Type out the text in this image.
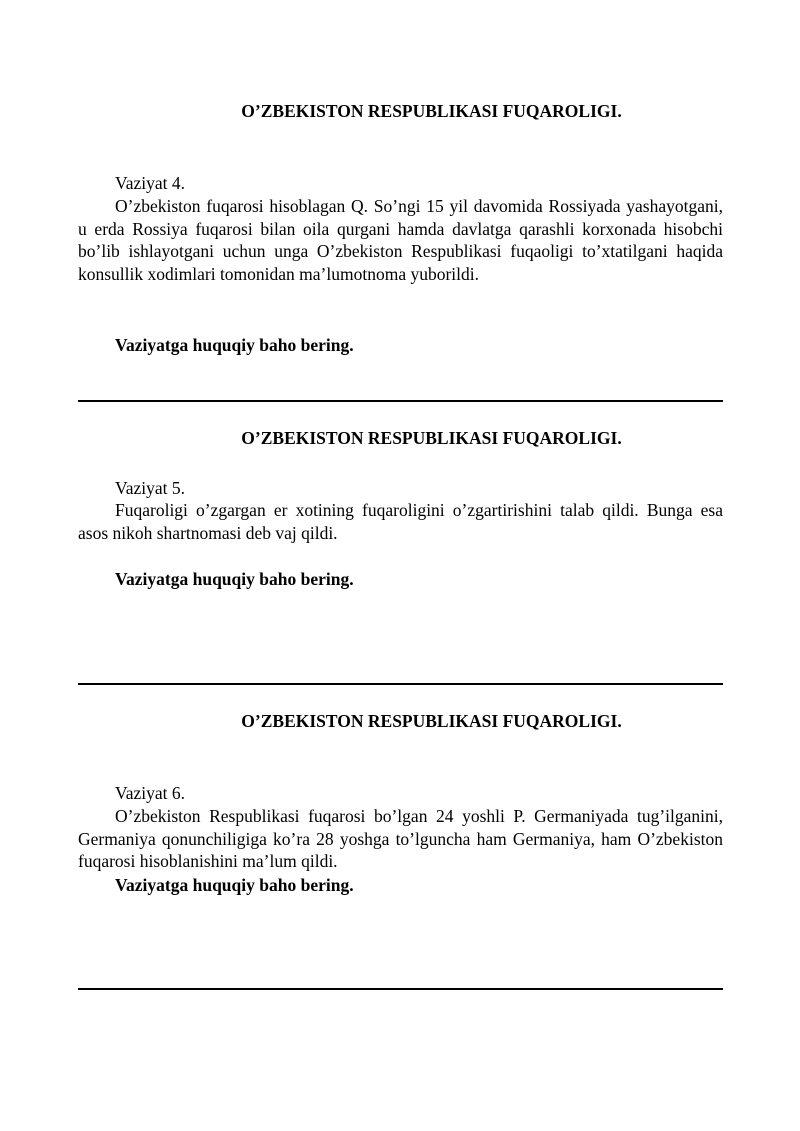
O’ZBEKISTON RESPUBLIKASI FUQAROLIGI.
Vaziyat 4.

O’zbekiston fuqarosi hisoblagan Q. So’ngi 15 yil davomida Rossiyada yashayotgani, u erda Rossiya fuqarosi bilan oila qurgani hamda davlatga qarashli korxonada hisobchi bo’lib ishlayotgani uchun unga O’zbekiston Respublikasi fuqaoligi to’xtatilgani haqida konsullik xodimlari tomonidan ma’lumotnoma yuborildi.

Vaziyatga huquqiy baho bering.
O’ZBEKISTON RESPUBLIKASI FUQAROLIGI.
Vaziyat 5.

Fuqaroligi o’zgargan er xotining fuqaroligini o’zgartirishini talab qildi. Bunga esa asos nikoh shartnomasi deb vaj qildi.

Vaziyatga huquqiy baho bering.
O’ZBEKISTON RESPUBLIKASI FUQAROLIGI.
Vaziyat 6.

O’zbekiston Respublikasi fuqarosi bo’lgan 24 yoshli P. Germaniyada tug’ilganini, Germaniya qonunchiligiga ko’ra 28 yoshga to’lguncha ham Germaniya, ham O’zbekiston fuqarosi hisoblanishini ma’lum qildi.

Vaziyatga huquqiy baho bering.
